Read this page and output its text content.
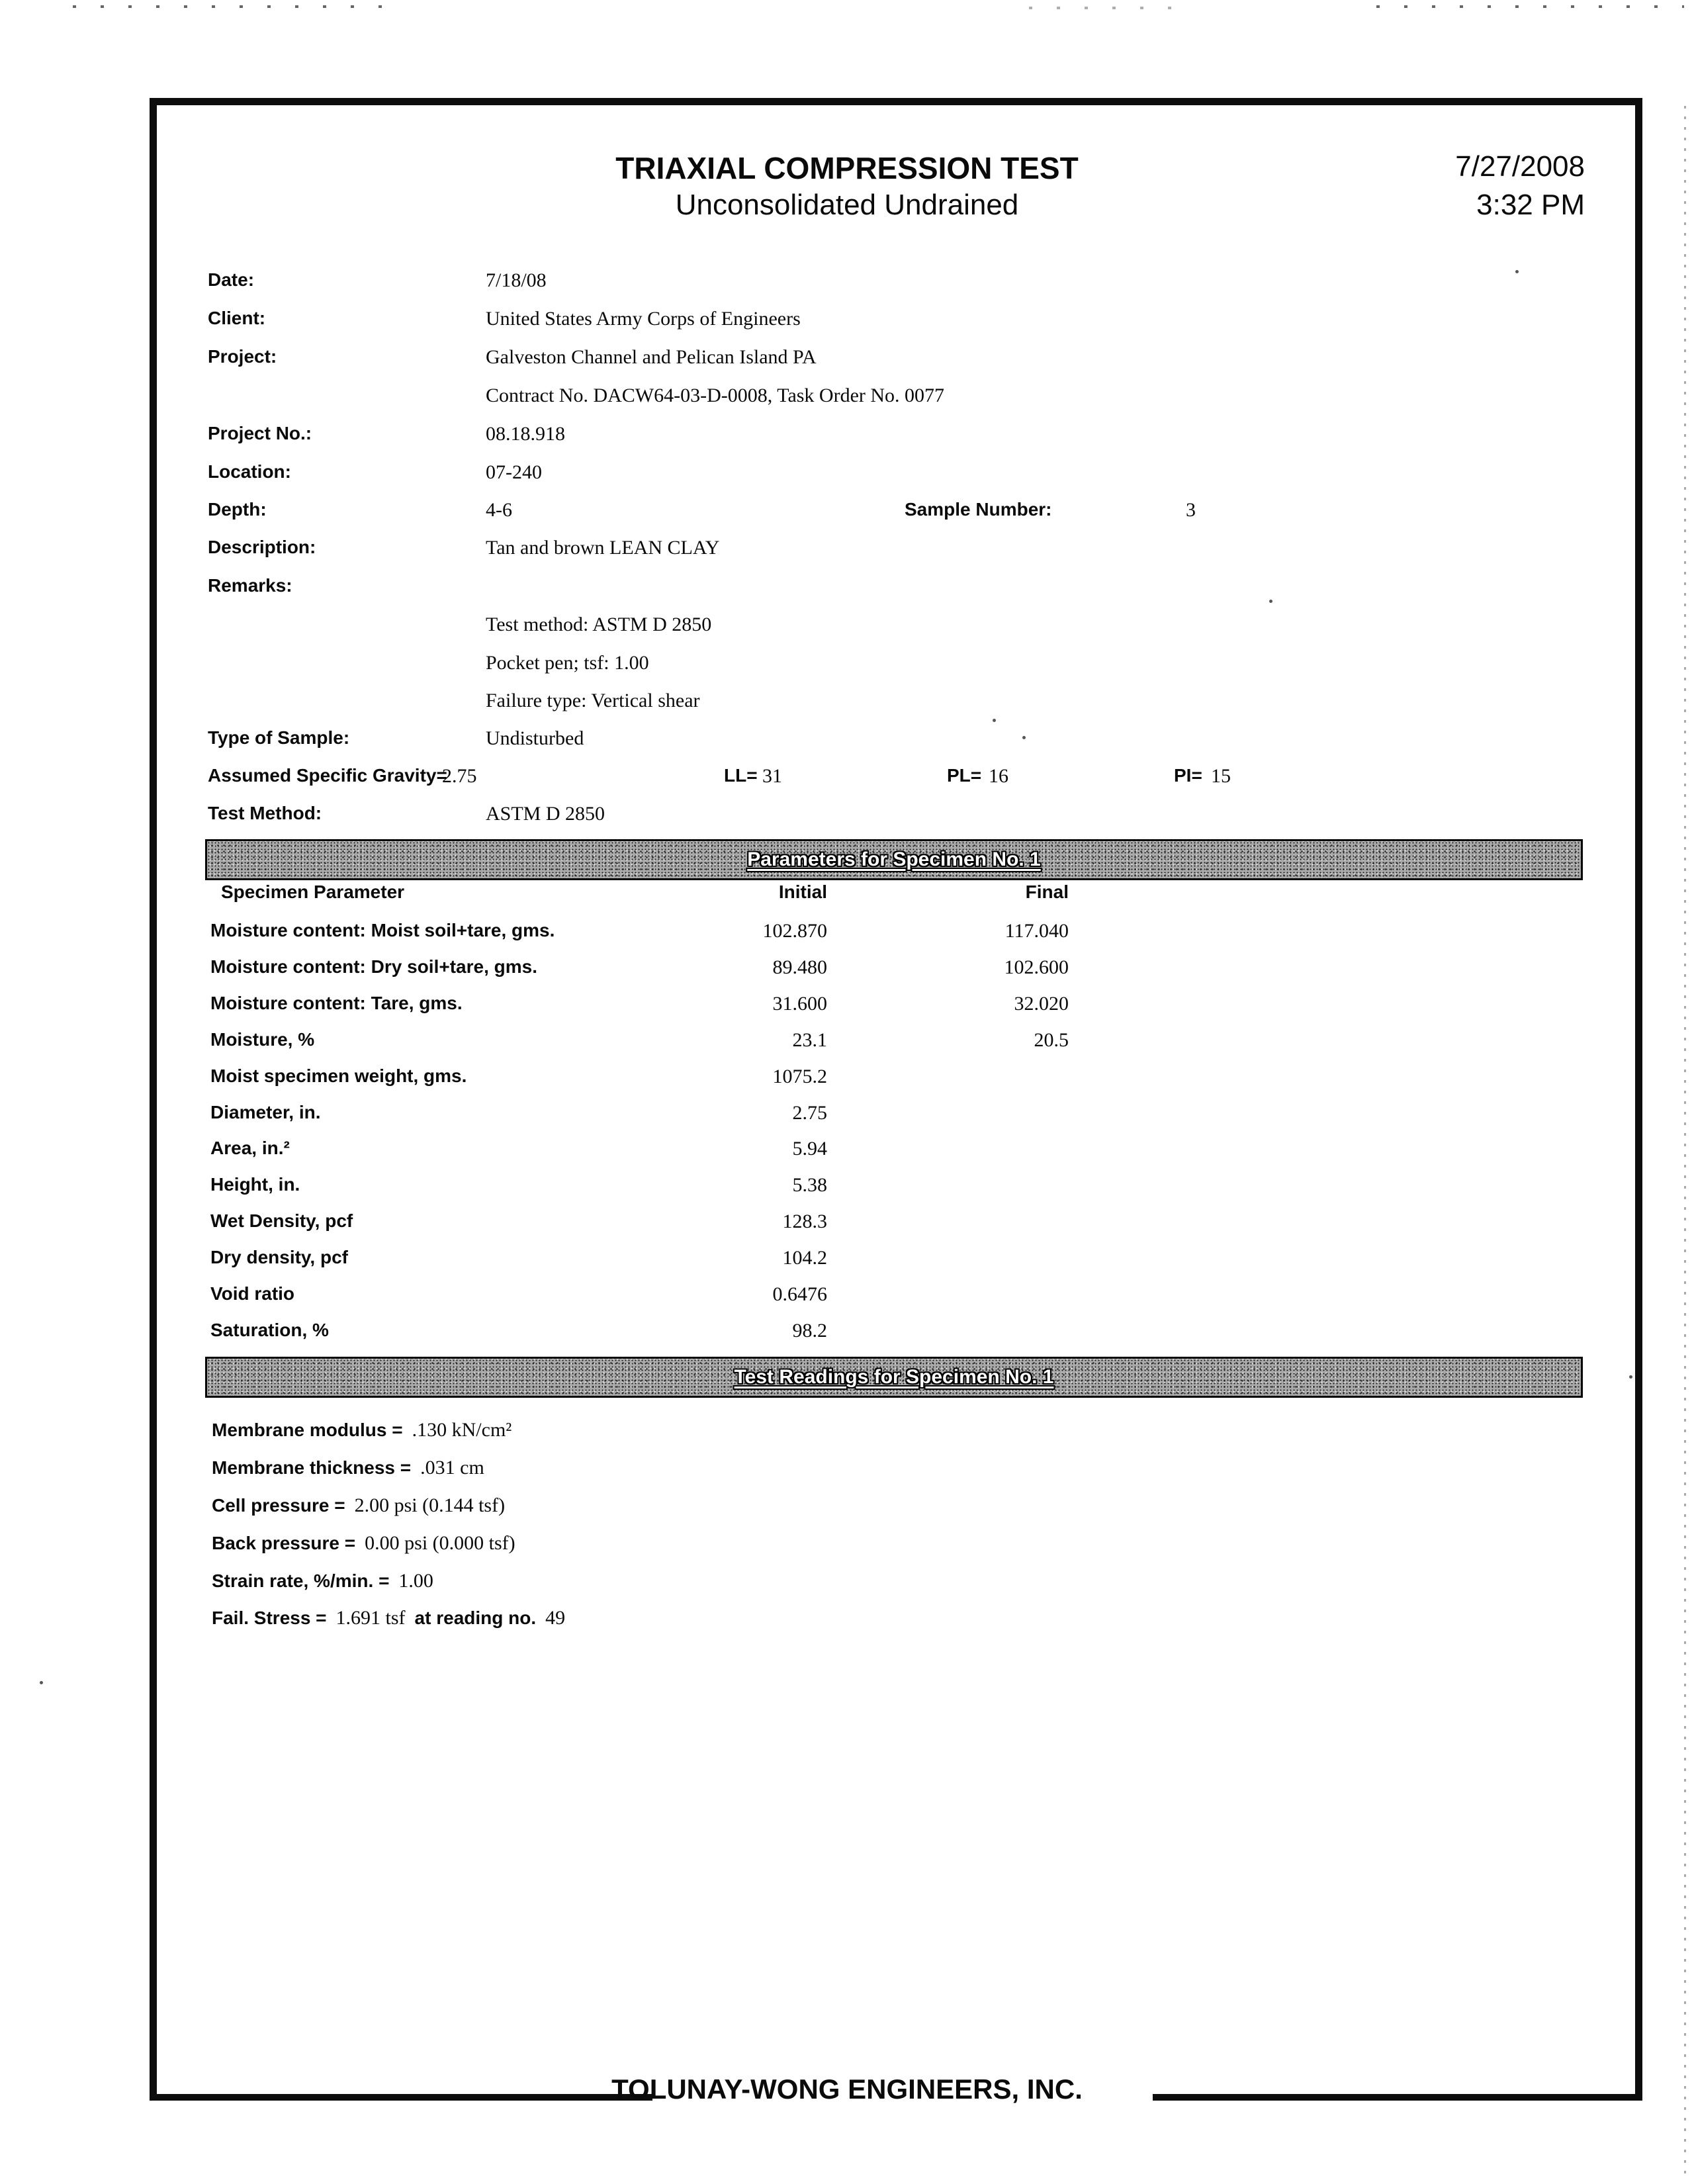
TRIAXIAL COMPRESSION TEST
Unconsolidated Undrained
7/27/2008
3:32 PM
Date:	7/18/08
Client:	United States Army Corps of Engineers
Project:	Galveston Channel and Pelican Island PA
Contract No. DACW64-03-D-0008, Task Order No. 0077
Project No.:	08.18.918
Location:	07-240
Depth:	4-6	Sample Number:	3
Description:	Tan and brown LEAN CLAY
Remarks:
Test method: ASTM D 2850
Pocket pen; tsf: 1.00
Failure type: Vertical shear
Type of Sample:	Undisturbed
Assumed Specific Gravity=
2.75	LL= 31	PL= 16	PI= 15
Test Method:	ASTM D 2850
Parameters for Specimen No. 1
Specimen Parameter	Initial	Final
Moisture content: Moist soil+tare, gms.	102.870	117.040
Moisture content: Dry soil+tare, gms.	89.480	102.600
Moisture content: Tare, gms.	31.600	32.020
Moisture, %	23.1	20.5
Moist specimen weight, gms.	1075.2
Diameter, in.	2.75
Area, in.²	5.94
Height, in.	5.38
Wet Density, pcf	128.3
Dry density, pcf	104.2
Void ratio	0.6476
Saturation, %	98.2
Test Readings for Specimen No. 1
Membrane modulus = .130 kN/cm²
Membrane thickness = .031 cm
Cell pressure = 2.00 psi (0.144 tsf)
Back pressure = 0.00 psi (0.000 tsf)
Strain rate, %/min. = 1.00
Fail. Stress = 1.691 tsf at reading no. 49
TOLUNAY-WONG ENGINEERS, INC.
